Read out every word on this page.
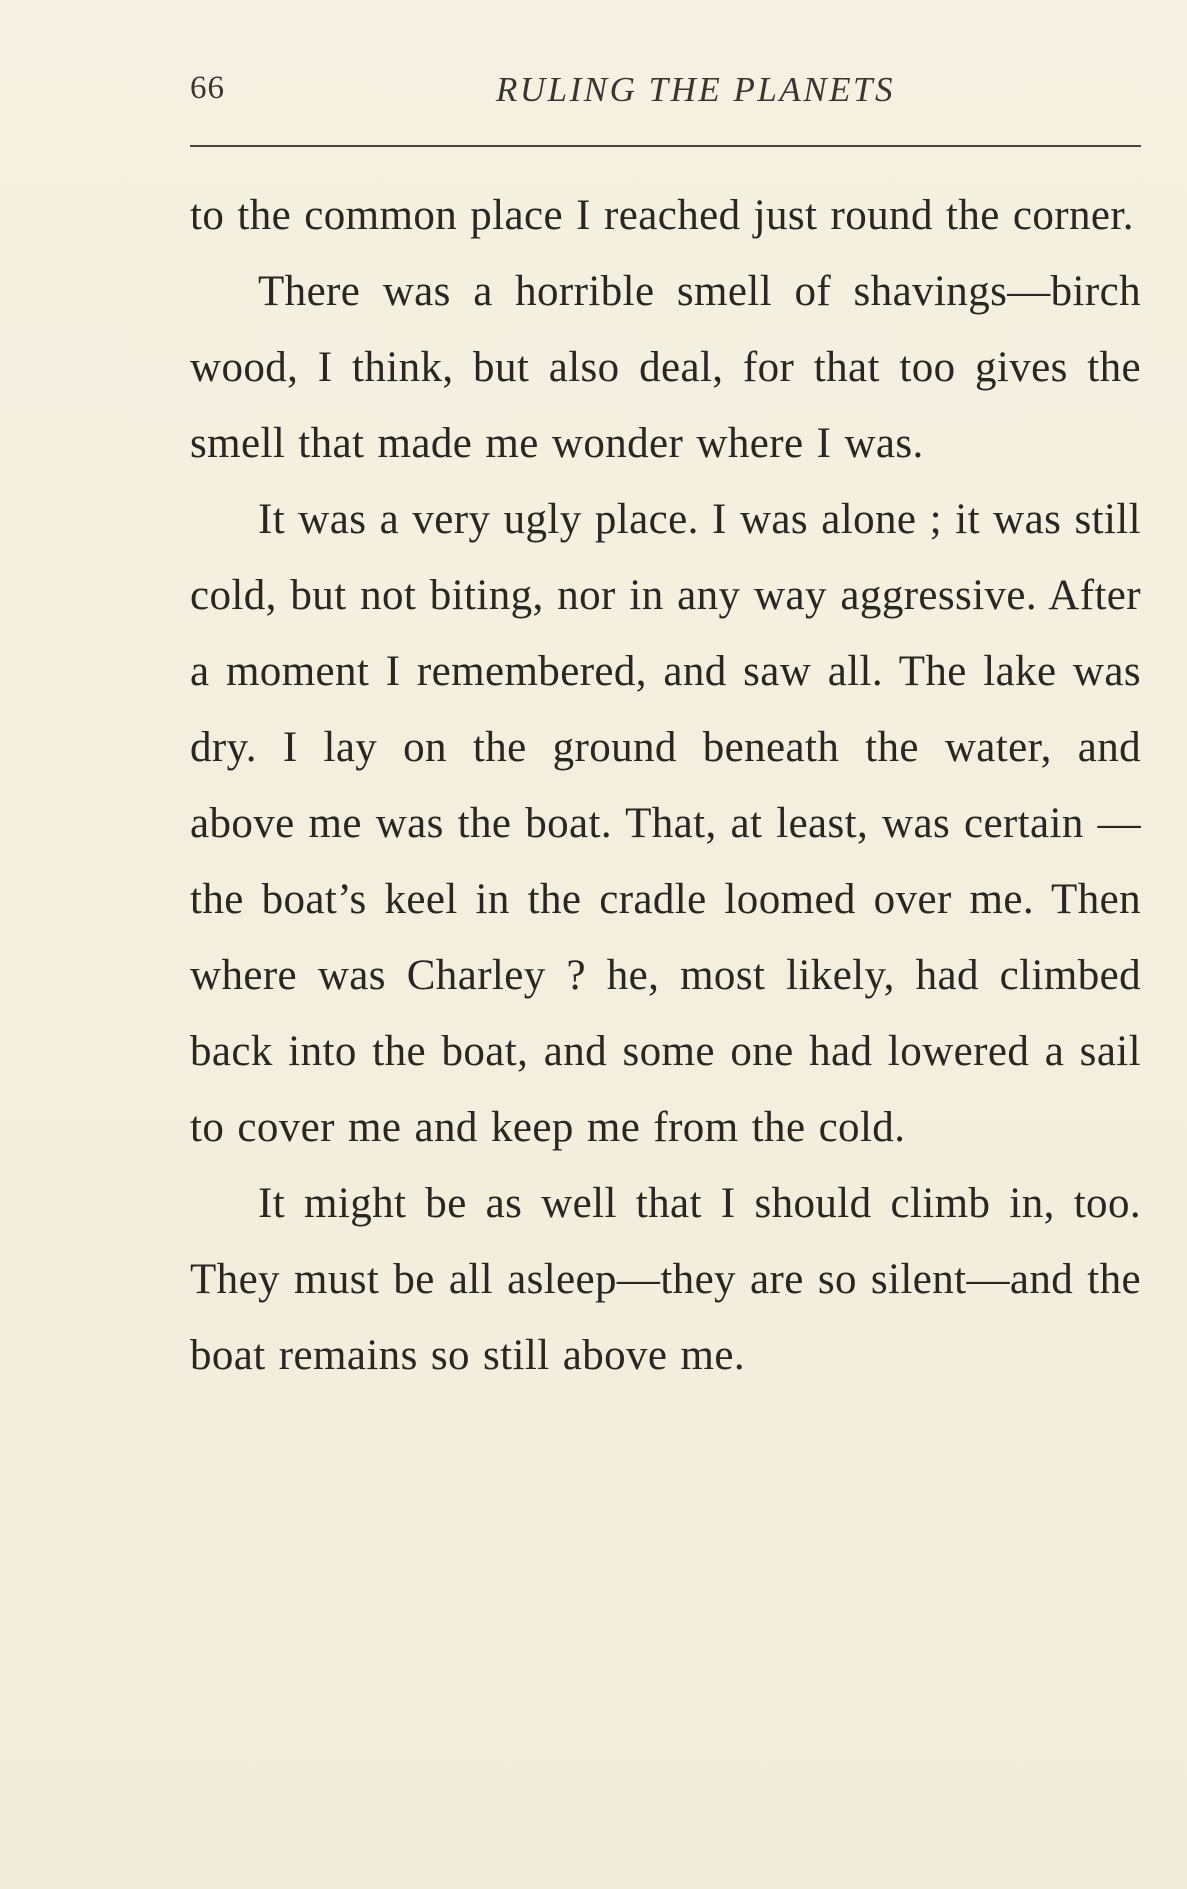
66	RULING THE PLANETS

to the common place I reached just round the corner.

There was a horrible smell of shavings—birch wood, I think, but also deal, for that too gives the smell that made me wonder where I was.

It was a very ugly place. I was alone ; it was still cold, but not biting, nor in any way aggressive. After a moment I remembered, and saw all. The lake was dry. I lay on the ground beneath the water, and above me was the boat. That, at least, was certain — the boat’s keel in the cradle loomed over me. Then where was Charley ? he, most likely, had climbed back into the boat, and some one had lowered a sail to cover me and keep me from the cold.

It might be as well that I should climb in, too. They must be all asleep—they are so silent—and the boat remains so still above me.
